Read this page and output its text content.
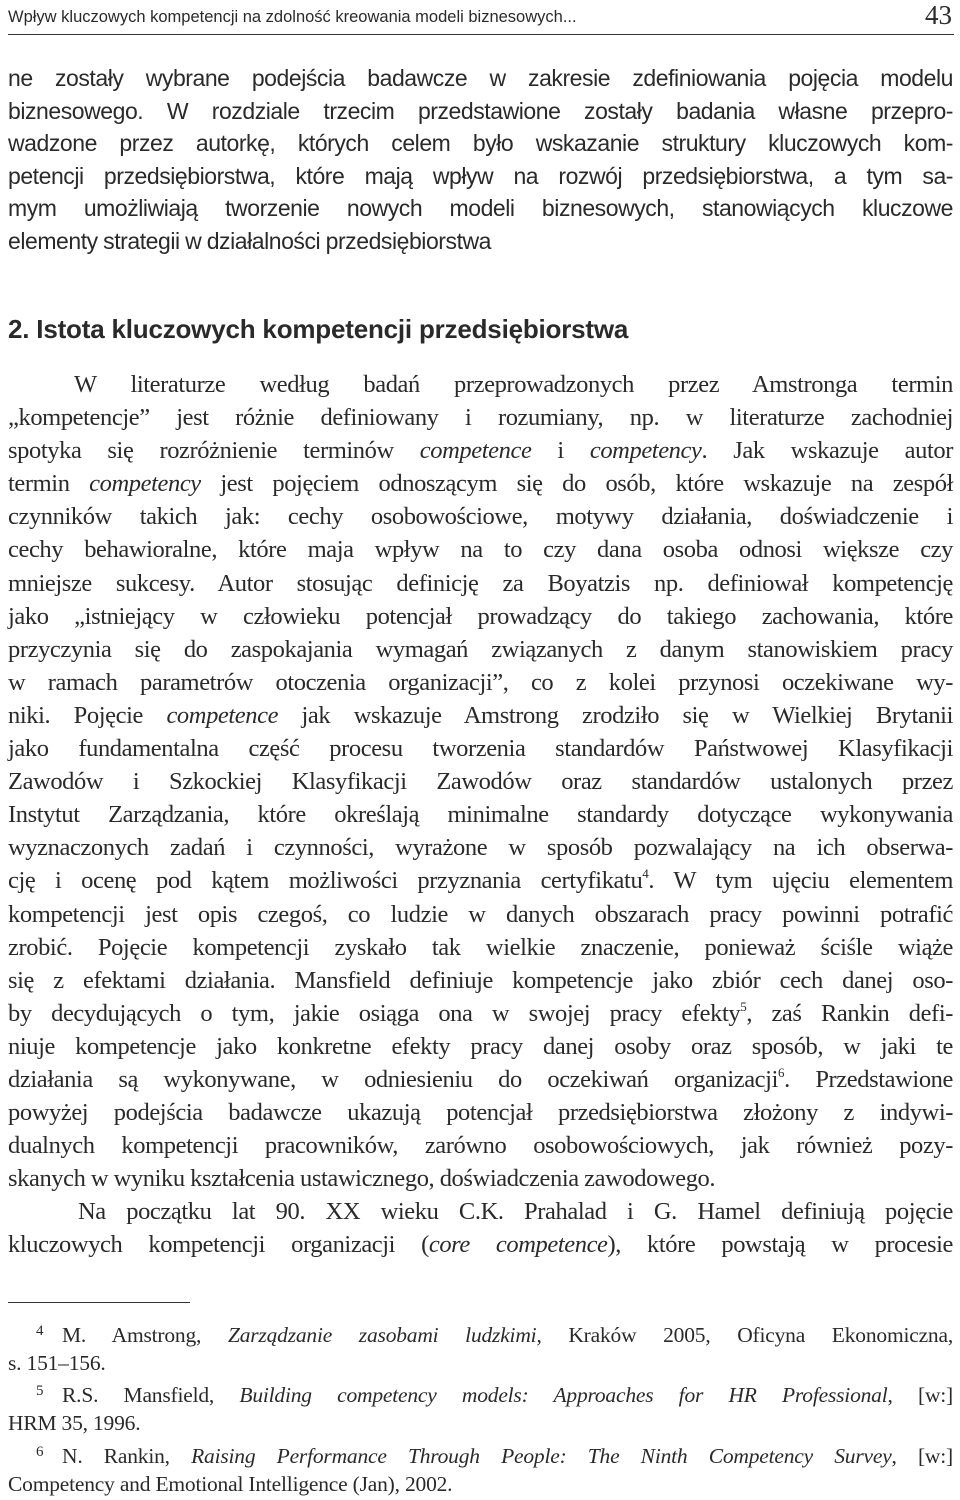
Wpływ kluczowych kompetencji na zdolność kreowania modeli biznesowych...	43
ne zostały wybrane podejścia badawcze w zakresie zdefiniowania pojęcia modelu
biznesowego. W rozdziale trzecim przedstawione zostały badania własne przepro-
wadzone przez autorkę, których celem było wskazanie struktury kluczowych kom-
petencji przedsiębiorstwa, które mają wpływ na rozwój przedsiębiorstwa, a tym sa-
mym umożliwiają tworzenie nowych modeli biznesowych, stanowiących kluczowe
elementy strategii w działalności przedsiębiorstwa
2. Istota kluczowych kompetencji przedsiębiorstwa
W literaturze według badań przeprowadzonych przez Amstronga termin
„kompetencje” jest różnie definiowany i rozumiany, np. w literaturze zachodniej
spotyka się rozróżnienie terminów competence i competency. Jak wskazuje autor
termin competency jest pojęciem odnoszącym się do osób, które wskazuje na zespół
czynników takich jak: cechy osobowościowe, motywy działania, doświadczenie i
cechy behawioralne, które maja wpływ na to czy dana osoba odnosi większe czy
mniejsze sukcesy. Autor stosując definicję za Boyatzis np. definiował kompetencję
jako „istniejący w człowieku potencjał prowadzący do takiego zachowania, które
przyczynia się do zaspokajania wymagań związanych z danym stanowiskiem pracy
w ramach parametrów otoczenia organizacji”, co z kolei przynosi oczekiwane wy-
niki. Pojęcie competence jak wskazuje Amstrong zrodziło się w Wielkiej Brytanii
jako fundamentalna część procesu tworzenia standardów Państwowej Klasyfikacji
Zawodów i Szkockiej Klasyfikacji Zawodów oraz standardów ustalonych przez
Instytut Zarządzania, które określają minimalne standardy dotyczące wykonywania
wyznaczonych zadań i czynności, wyrażone w sposób pozwalający na ich obserwa-
cję i ocenę pod kątem możliwości przyznania certyfikatu$^4$. W tym ujęciu elementem
kompetencji jest opis czegoś, co ludzie w danych obszarach pracy powinni potrafić
zrobić. Pojęcie kompetencji zyskało tak wielkie znaczenie, ponieważ ściśle wiąże
się z efektami działania. Mansfield definiuje kompetencje jako zbiór cech danej oso-
by decydujących o tym, jakie osiąga ona w swojej pracy efekty$^5$, zaś Rankin defi-
niuje kompetencje jako konkretne efekty pracy danej osoby oraz sposób, w jaki te
działania są wykonywane, w odniesieniu do oczekiwań organizacji$^6$. Przedstawione
powyżej podejścia badawcze ukazują potencjał przedsiębiorstwa złożony z indywi-
dualnych kompetencji pracowników, zarówno osobowościowych, jak również pozy-
skanych w wyniku kształcenia ustawicznego, doświadczenia zawodowego.
Na początku lat 90. XX wieku C.K. Prahalad i G. Hamel definiują pojęcie
kluczowych kompetencji organizacji (core competence), które powstają w procesie
4 M. Amstrong, Zarządzanie zasobami ludzkimi, Kraków 2005, Oficyna Ekonomiczna,
s. 151–156.
5 R.S. Mansfield, Building competency models: Approaches for HR Professional, [w:]
HRM 35, 1996.
6 N. Rankin, Raising Performance Through People: The Ninth Competency Survey, [w:]
Competency and Emotional Intelligence (Jan), 2002.
